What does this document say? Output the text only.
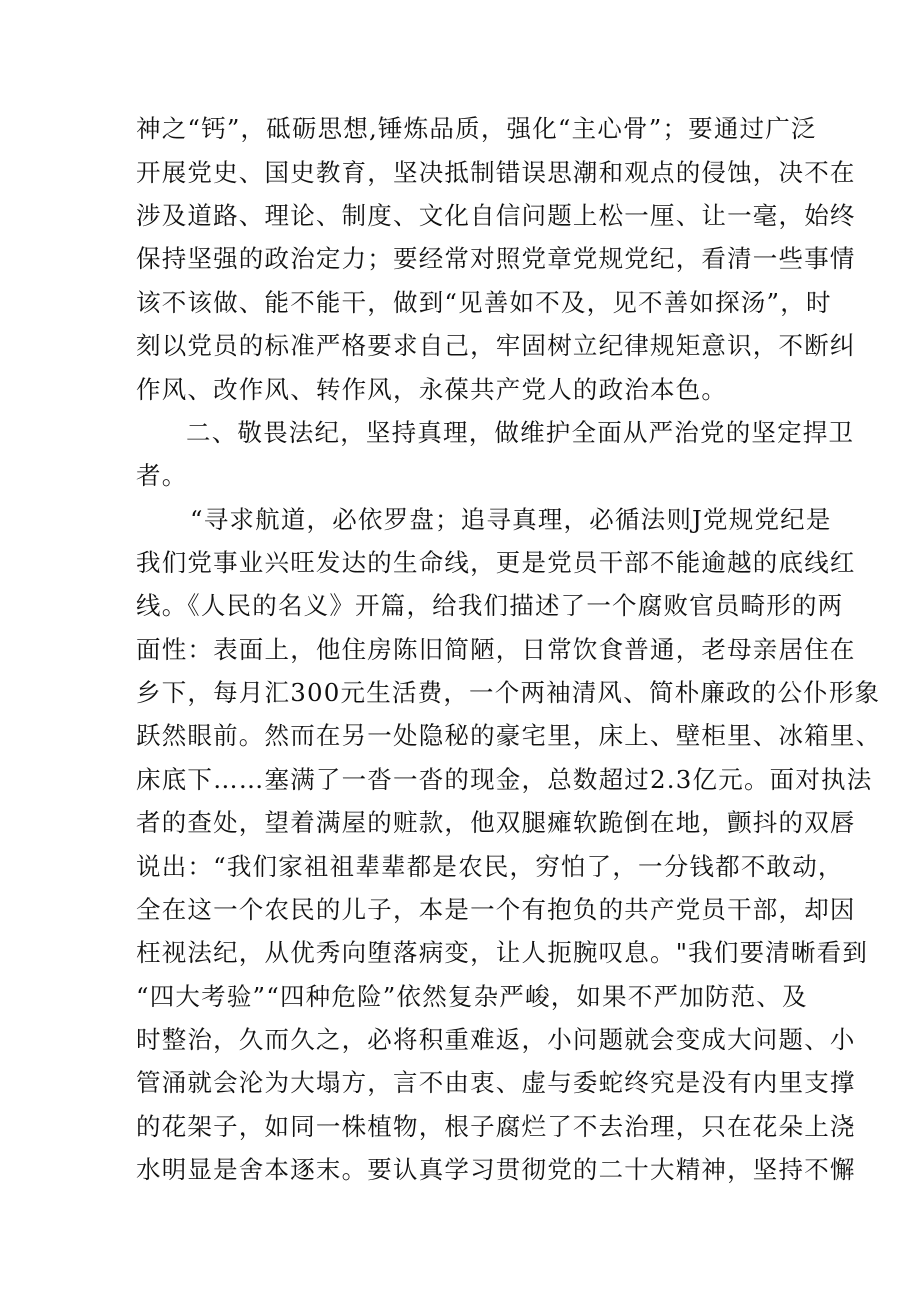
神之“钙”，砥砺思想,锤炼品质，强化“主心骨”；要通过广泛
开展党史、国史教育，坚决抵制错误思潮和观点的侵蚀，决不在
涉及道路、理论、制度、文化自信问题上松一厘、让一毫，始终
保持坚强的政治定力；要经常对照党章党规党纪，看清一些事情
该不该做、能不能干，做到“见善如不及，见不善如探汤”，时
刻以党员的标准严格要求自己，牢固树立纪律规矩意识，不断纠
作风、改作风、转作风，永葆共产党人的政治本色。
二、敬畏法纪，坚持真理，做维护全面从严治党的坚定捍卫
者。
“寻求航道，必依罗盘；追寻真理，必循法则J党规党纪是
我们党事业兴旺发达的生命线，更是党员干部不能逾越的底线红
线。《人民的名义》开篇，给我们描述了一个腐败官员畸形的两
面性：表面上，他住房陈旧简陋，日常饮食普通，老母亲居住在
乡下，每月汇300元生活费，一个两袖清风、简朴廉政的公仆形象
跃然眼前。然而在另一处隐秘的豪宅里，床上、壁柜里、冰箱里、
床底下……塞满了一沓一沓的现金，总数超过2.3亿元。面对执法
者的查处，望着满屋的赃款，他双腿瘫软跪倒在地，颤抖的双唇
说出：“我们家祖祖辈辈都是农民，穷怕了，一分钱都不敢动，
全在这一个农民的儿子，本是一个有抱负的共产党员干部，却因
枉视法纪，从优秀向堕落病变，让人扼腕叹息。"我们要清晰看到
“四大考验”“四种危险”依然复杂严峻，如果不严加防范、及
时整治，久而久之，必将积重难返，小问题就会变成大问题、小
管涌就会沦为大塌方，言不由衷、虚与委蛇终究是没有内里支撑
的花架子，如同一株植物，根子腐烂了不去治理，只在花朵上浇
水明显是舍本逐末。要认真学习贯彻党的二十大精神，坚持不懈
